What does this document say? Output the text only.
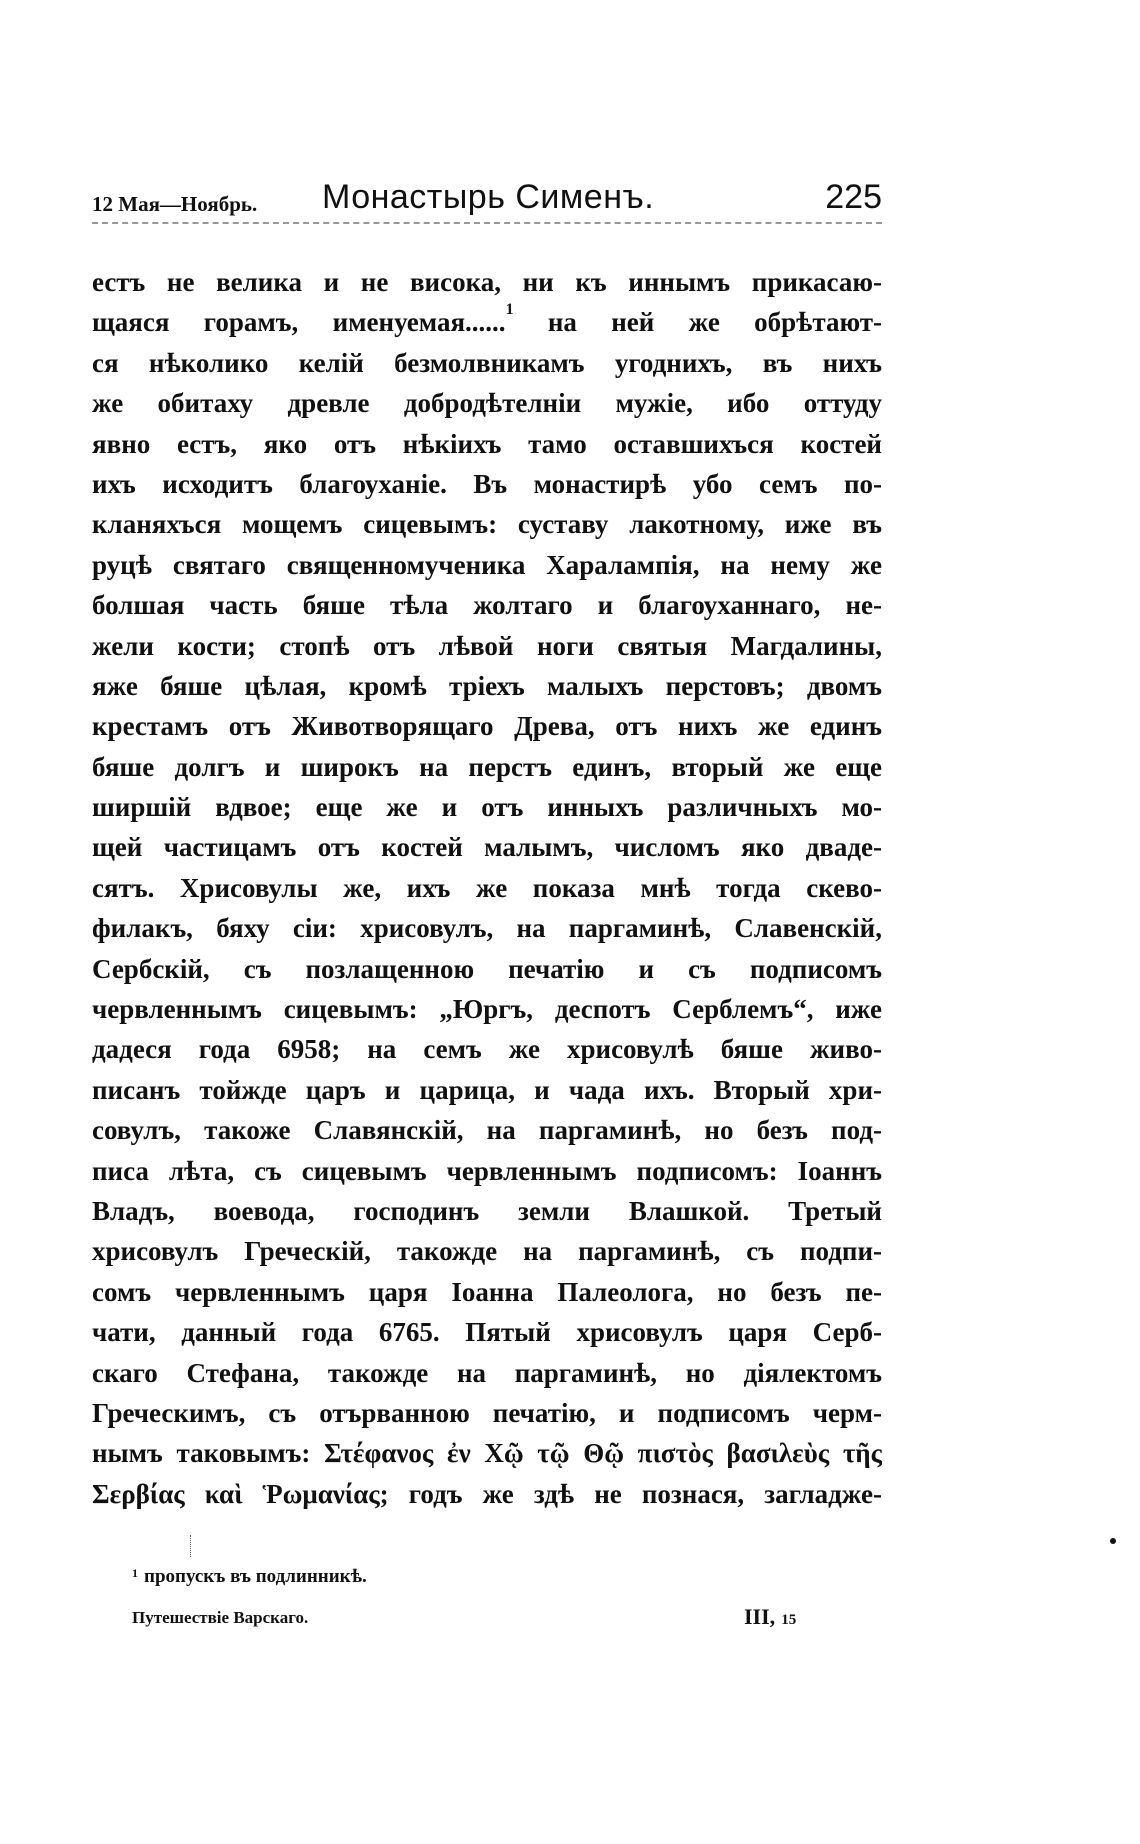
12 Мая—Ноябрь. Монастырь Сименъ.	225
естъ не велика и не висока, ни къ иннымъ прикасаю-
щаяся горамъ, именуемая......$^1$ на ней же обрѣтают-
ся нѣколико келій безмолвникамъ угоднихъ, въ нихъ
же обитаху древле добродѣтелніи мужіе, ибо оттуду
явно естъ, яко отъ нѣкіихъ тамо оставшихъся костей
ихъ исходитъ благоуханіе. Въ монастирѣ убо семъ по-
кланяхъся мощемъ сицевымъ: суставу лакотному, иже въ
руцѣ святаго священномученика Харалампія, на нему же
болшая часть бяше тѣла жолтаго и благоуханнаго, не-
жели кости; стопѣ отъ лѣвой ноги святыя Магдалины,
яже бяше цѣлая, кромѣ тріехъ малыхъ перстовъ; двомъ
крестамъ отъ Животворящаго Древа, отъ нихъ же единъ
бяше долгъ и широкъ на перстъ единъ, вторый же еще
ширшій вдвое; еще же и отъ инныхъ различныхъ мо-
щей частицамъ отъ костей малымъ, числомъ яко двадe-
сятъ. Хрисовулы же, ихъ же показа мнѣ тогда скево-
филакъ, бяху сіи: хрисовулъ, на паргаминѣ, Славенскій,
Сербскій, съ позлащенною печатію и съ подписомъ
червленнымъ сицевымъ: „Юргъ, деспотъ Серблемъ“, иже
дадеся года 6958; на семъ же хрисовулѣ бяше живо-
писанъ тойжде царъ и царица, и чада ихъ. Вторый хри-
совулъ, такоже Славянскій, на паргаминѣ, но безъ под-
писа лѣта, съ сицевымъ червленнымъ подписомъ: Іоаннъ
Владъ, воевода, господинъ земли Влашкой. Третый
хрисовулъ Греческій, такожде на паргаминѣ, съ подпи-
сомъ червленнымъ царя Іоанна Палеолога, но безъ пе-
чати, данный года 6765. Пятый хрисовулъ царя Серб-
скаго Стефана, такожде на паргаминѣ, но діялектомъ
Греческимъ, съ отърванною печатію, и подписомъ черм-
нымъ таковымъ: Στέφανος ἐν Χῷ τῷ Θῷ πιστὸς βασιλεὺς τῆς
Σερβίας καὶ Ῥωμανίας; годъ же здѣ не познася, загладже-
$^1$ пропускъ въ подлинникѣ.
Путешествіе Варскаго.	III, 15
